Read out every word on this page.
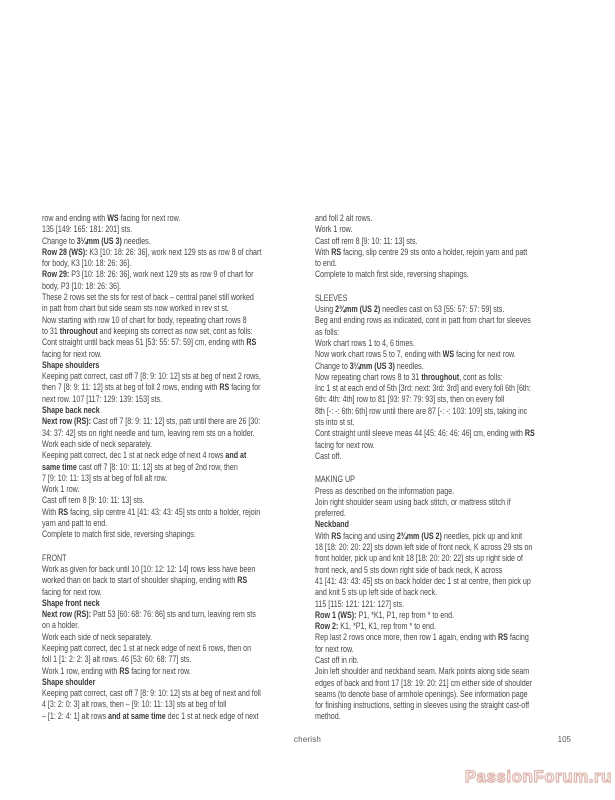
row and ending with WS facing for next row.
135 [149: 165: 181: 201] sts.
Change to 3¼mm (US 3) needles.
Row 28 (WS): K3 [10: 18: 26: 36], work next 129 sts as row 8 of chart
for body, K3 [10: 18: 26: 36].
Row 29: P3 [10: 18: 26: 36], work next 129 sts as row 9 of chart for
body, P3 [10: 18: 26: 36].
These 2 rows set the sts for rest of back – central panel still worked
in patt from chart but side seam sts now worked in rev st st.
Now starting with row 10 of chart for body, repeating chart rows 8
to 31 throughout and keeping sts correct as now set, cont as folls:
Cont straight until back meas 51 [53: 55: 57: 59] cm, ending with RS
facing for next row.
Shape shoulders
Keeping patt correct, cast off 7 [8: 9: 10: 12] sts at beg of next 2 rows,
then 7 [8: 9: 11: 12] sts at beg of foll 2 rows, ending with RS facing for
next row. 107 [117: 129: 139: 153] sts.
Shape back neck
Next row (RS): Cast off 7 [8: 9: 11: 12] sts, patt until there are 26 [30:
34: 37: 42] sts on right needle and turn, leaving rem sts on a holder.
Work each side of neck separately.
Keeping patt correct, dec 1 st at neck edge of next 4 rows and at
same time cast off 7 [8: 10: 11: 12] sts at beg of 2nd row, then
7 [9: 10: 11: 13] sts at beg of foll alt row.
Work 1 row.
Cast off rem 8 [9: 10: 11: 13] sts.
With RS facing, slip centre 41 [41: 43: 43: 45] sts onto a holder, rejoin
yarn and patt to end.
Complete to match first side, reversing shapings.
FRONT
Work as given for back until 10 [10: 12: 12: 14] rows less have been
worked than on back to start of shoulder shaping, ending with RS
facing for next row.
Shape front neck
Next row (RS): Patt 53 [60: 68: 76: 86] sts and turn, leaving rem sts
on a holder.
Work each side of neck separately.
Keeping patt correct, dec 1 st at neck edge of next 6 rows, then on
foll 1 [1: 2: 2: 3] alt rows. 46 [53: 60: 68: 77] sts.
Work 1 row, ending with RS facing for next row.
Shape shoulder
Keeping patt correct, cast off 7 [8: 9: 10: 12] sts at beg of next and foll
4 [3: 2: 0: 3] alt rows, then – [9: 10: 11: 13] sts at beg of foll
– [1: 2: 4: 1] alt rows and at same time dec 1 st at neck edge of next
and foll 2 alt rows.
Work 1 row.
Cast off rem 8 [9: 10: 11: 13] sts.
With RS facing, slip centre 29 sts onto a holder, rejoin yarn and patt
to end.
Complete to match first side, reversing shapings.
SLEEVES
Using 2¾mm (US 2) needles cast on 53 [55: 57: 57: 59] sts.
Beg and ending rows as indicated, cont in patt from chart for sleeves
as folls:
Work chart rows 1 to 4, 6 times.
Now work chart rows 5 to 7, ending with WS facing for next row.
Change to 3¼mm (US 3) needles.
Now repeating chart rows 8 to 31 throughout, cont as folls:
Inc 1 st at each end of 5th [3rd: next: 3rd: 3rd] and every foll 6th [6th:
6th: 4th: 4th] row to 81 [93: 97: 79: 93] sts, then on every foll
8th [-: -: 6th: 6th] row until there are 87 [-: -: 103: 109] sts, taking inc
sts into st st.
Cont straight until sleeve meas 44 [45: 46: 46: 46] cm, ending with RS
facing for next row.
Cast off.
MAKING UP
Press as described on the information page.
Join right shoulder seam using back stitch, or mattress stitch if
preferred.
Neckband
With RS facing and using 2¾mm (US 2) needles, pick up and knit
18 [18: 20: 20: 22] sts down left side of front neck, K across 29 sts on
front holder, pick up and knit 18 [18: 20: 20: 22] sts up right side of
front neck, and 5 sts down right side of back neck, K across
41 [41: 43: 43: 45] sts on back holder dec 1 st at centre, then pick up
and knit 5 sts up left side of back neck.
115 [115: 121: 121: 127] sts.
Row 1 (WS): P1, *K1, P1, rep from * to end.
Row 2: K1, *P1, K1, rep from * to end.
Rep last 2 rows once more, then row 1 again, ending with RS facing
for next row.
Cast off in rib.
Join left shoulder and neckband seam. Mark points along side seam
edges of back and front 17 [18: 19: 20: 21] cm either side of shoulder
seams (to denote base of armhole openings). See information page
for finishing instructions, setting in sleeves using the straight cast-off
method.
cherish	105
PassionForum.ru
